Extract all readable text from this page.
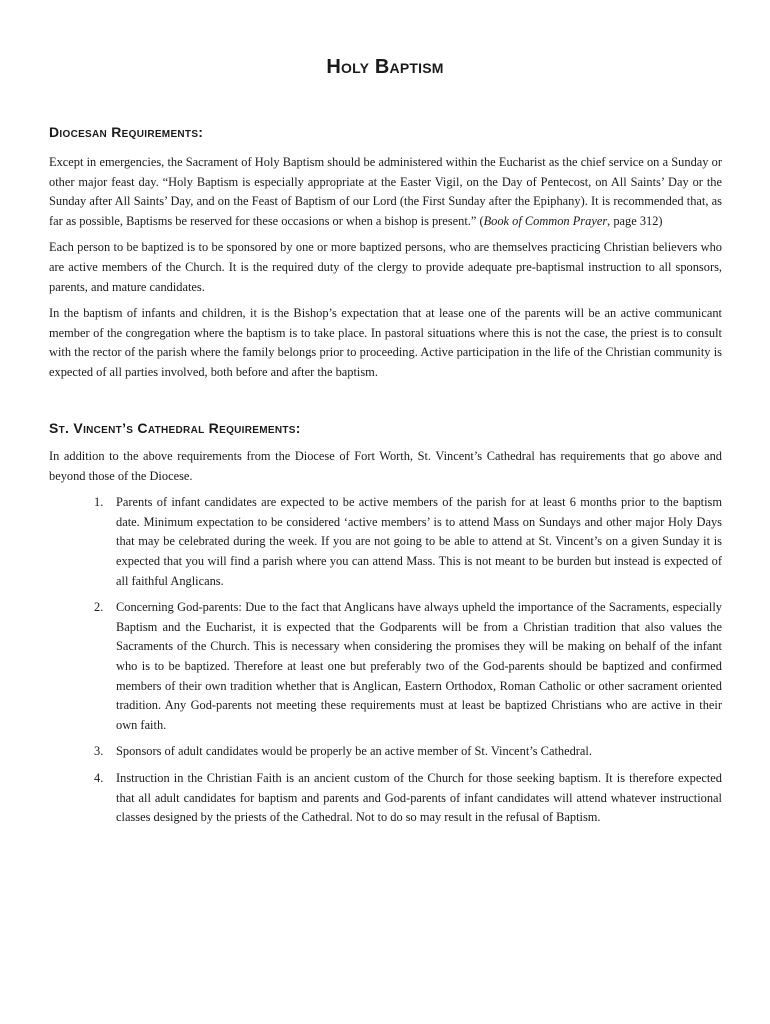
Holy Baptism
Diocesan Requirements:

Except in emergencies, the Sacrament of Holy Baptism should be administered within the Eucharist as the chief service on a Sunday or other major feast day. “Holy Baptism is especially appropriate at the Easter Vigil, on the Day of Pentecost, on All Saints’ Day or the Sunday after All Saints’ Day, and on the Feast of Baptism of our Lord (the First Sunday after the Epiphany). It is recommended that, as far as possible, Baptisms be reserved for these occasions or when a bishop is present.” (Book of Common Prayer, page 312)

Each person to be baptized is to be sponsored by one or more baptized persons, who are themselves practicing Christian believers who are active members of the Church. It is the required duty of the clergy to provide adequate pre-baptismal instruction to all sponsors, parents, and mature candidates.

In the baptism of infants and children, it is the Bishop’s expectation that at lease one of the parents will be an active communicant member of the congregation where the baptism is to take place. In pastoral situations where this is not the case, the priest is to consult with the rector of the parish where the family belongs prior to proceeding. Active participation in the life of the Christian community is expected of all parties involved, both before and after the baptism.

St. Vincent’s Cathedral Requirements:

In addition to the above requirements from the Diocese of Fort Worth, St. Vincent’s Cathedral has requirements that go above and beyond those of the Diocese.

1. Parents of infant candidates are expected to be active members of the parish for at least 6 months prior to the baptism date. Minimum expectation to be considered ‘active members’ is to attend Mass on Sundays and other major Holy Days that may be celebrated during the week. If you are not going to be able to attend at St. Vincent’s on a given Sunday it is expected that you will find a parish where you can attend Mass. This is not meant to be burden but instead is expected of all faithful Anglicans.

2. Concerning God-parents: Due to the fact that Anglicans have always upheld the importance of the Sacraments, especially Baptism and the Eucharist, it is expected that the Godparents will be from a Christian tradition that also values the Sacraments of the Church. This is necessary when considering the promises they will be making on behalf of the infant who is to be baptized. Therefore at least one but preferably two of the God-parents should be baptized and confirmed members of their own tradition whether that is Anglican, Eastern Orthodox, Roman Catholic or other sacrament oriented tradition. Any God-parents not meeting these requirements must at least be baptized Christians who are active in their own faith.

3. Sponsors of adult candidates would be properly be an active member of St. Vincent’s Cathedral.

4. Instruction in the Christian Faith is an ancient custom of the Church for those seeking baptism. It is therefore expected that all adult candidates for baptism and parents and God-parents of infant candidates will attend whatever instructional classes designed by the priests of the Cathedral. Not to do so may result in the refusal of Baptism.
